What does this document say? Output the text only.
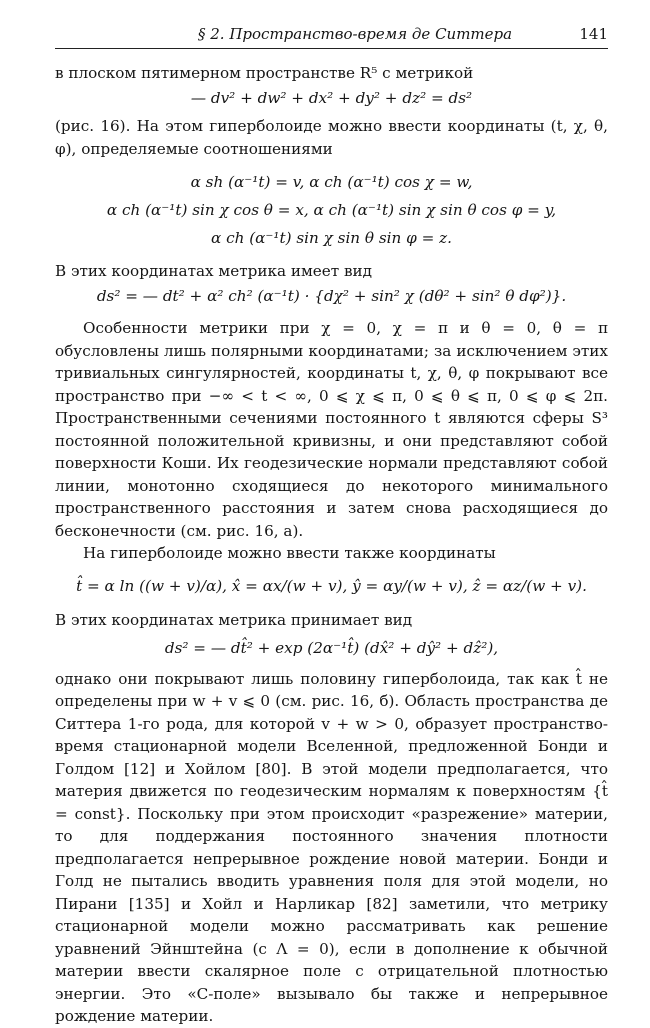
§ 2. Пространство-время де Ситтера	141

в плоском пятимерном пространстве R⁵ с метрикой

— dv² + dw² + dx² + dy² + dz² = ds²

(рис. 16). На этом гиперболоиде можно ввести координаты (t, χ, θ, φ), определяемые соотношениями

α sh (α⁻¹t) = v, α ch (α⁻¹t) cos χ = w,

α ch (α⁻¹t) sin χ cos θ = x, α ch (α⁻¹t) sin χ sin θ cos φ = y,

α ch (α⁻¹t) sin χ sin θ sin φ = z.

В этих координатах метрика имеет вид

ds² = — dt² + α² ch² (α⁻¹t) · {dχ² + sin² χ (dθ² + sin² θ dφ²)}.

Особенности метрики при χ = 0, χ = π и θ = 0, θ = π обусловлены лишь полярными координатами; за исключением этих тривиальных сингулярностей, координаты t, χ, θ, φ покрывают все пространство при −∞ < t < ∞, 0 ⩽ χ ⩽ π, 0 ⩽ θ ⩽ π, 0 ⩽ φ ⩽ 2π. Пространственными сечениями постоянного t являются сферы S³ постоянной положительной кривизны, и они представляют собой поверхности Коши. Их геодезические нормали представляют собой линии, монотонно сходящиеся до некоторого минимального пространственного расстояния и затем снова расходящиеся до бесконечности (см. рис. 16, а).

На гиперболоиде можно ввести также координаты

t̂ = α ln ((w + v)/α), x̂ = αx/(w + v), ŷ = αy/(w + v), ẑ = αz/(w + v).

В этих координатах метрика принимает вид

ds² = — dt̂² + exp (2α⁻¹t̂) (dx̂² + dŷ² + dẑ²),

однако они покрывают лишь половину гиперболоида, так как t̂ не определены при w + v ⩽ 0 (см. рис. 16, б). Область пространства де Ситтера 1-го рода, для которой v + w > 0, образует пространство-время стационарной модели Вселенной, предложенной Бонди и Голдом [12] и Хойлом [80]. В этой модели предполагается, что материя движется по геодезическим нормалям к поверхностям {t̂ = const}. Поскольку при этом происходит «разрежение» материи, то для поддержания постоянного значения плотности предполагается непрерывное рождение новой материи. Бонди и Голд не пытались вводить уравнения поля для этой модели, но Пирани [135] и Хойл и Нарликар [82] заметили, что метрику стационарной модели можно рассматривать как решение уравнений Эйнштейна (с Λ = 0), если в дополнение к обычной материи ввести скалярное поле с отрицательной плотностью энергии. Это «C-поле» вызывало бы также и непрерывное рождение материи.
